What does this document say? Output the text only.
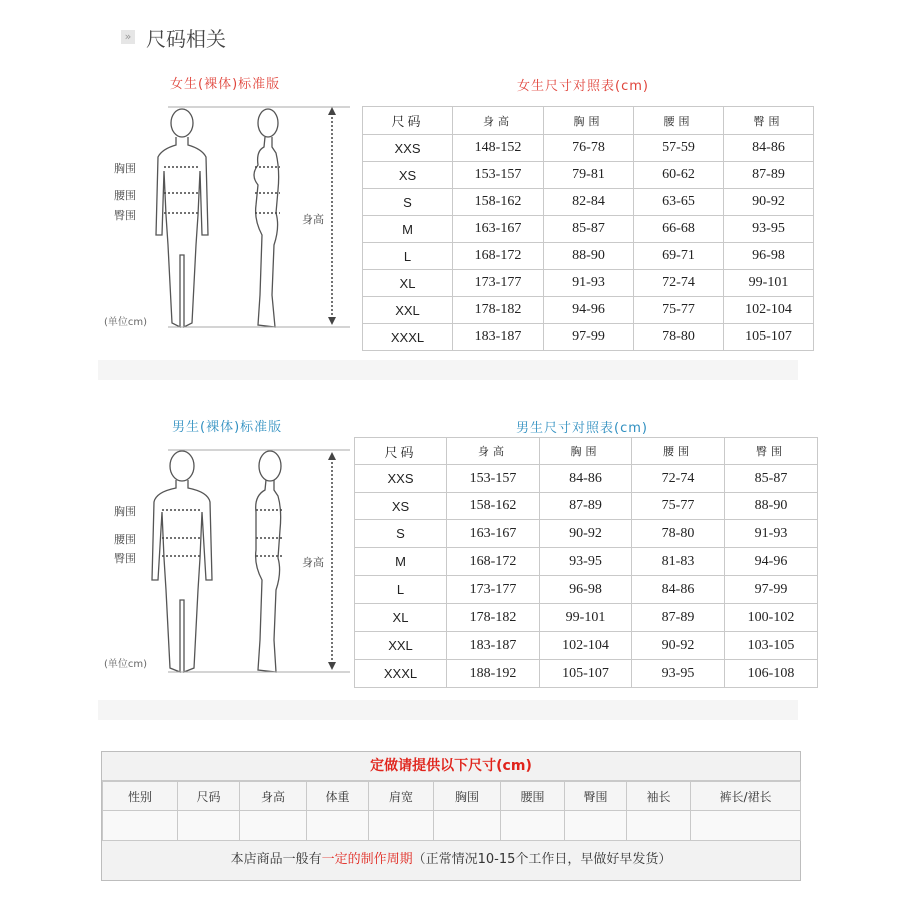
» 尺码相关
女生(裸体)标准版	女生尺寸对照表(cm)
胸围
腰围
臀围	身高
(单位cm)
尺码	身高	胸围	腰围	臀围
XXS	148-152	76-78	57-59	84-86
XS	153-157	79-81	60-62	87-89
S	158-162	82-84	63-65	90-92
M	163-167	85-87	66-68	93-95
L	168-172	88-90	69-71	96-98
XL	173-177	91-93	72-74	99-101
XXL	178-182	94-96	75-77	102-104
XXXL	183-187	97-99	78-80	105-107
男生(裸体)标准版	男生尺寸对照表(cm)
胸围
腰围
臀围	身高
(单位cm)
尺码	身高	胸围	腰围	臀围
XXS	153-157	84-86	72-74	85-87
XS	158-162	87-89	75-77	88-90
S	163-167	90-92	78-80	91-93
M	168-172	93-95	81-83	94-96
L	173-177	96-98	84-86	97-99
XL	178-182	99-101	87-89	100-102
XXL	183-187	102-104	90-92	103-105
XXXL	188-192	105-107	93-95	106-108
定做请提供以下尺寸(cm)
性别	尺码	身高	体重	肩宽	胸围	腰围	臀围	袖长	裤长/裙长

本店商品一般有一定的制作周期（正常情况10-15个工作日，早做好早发货）
